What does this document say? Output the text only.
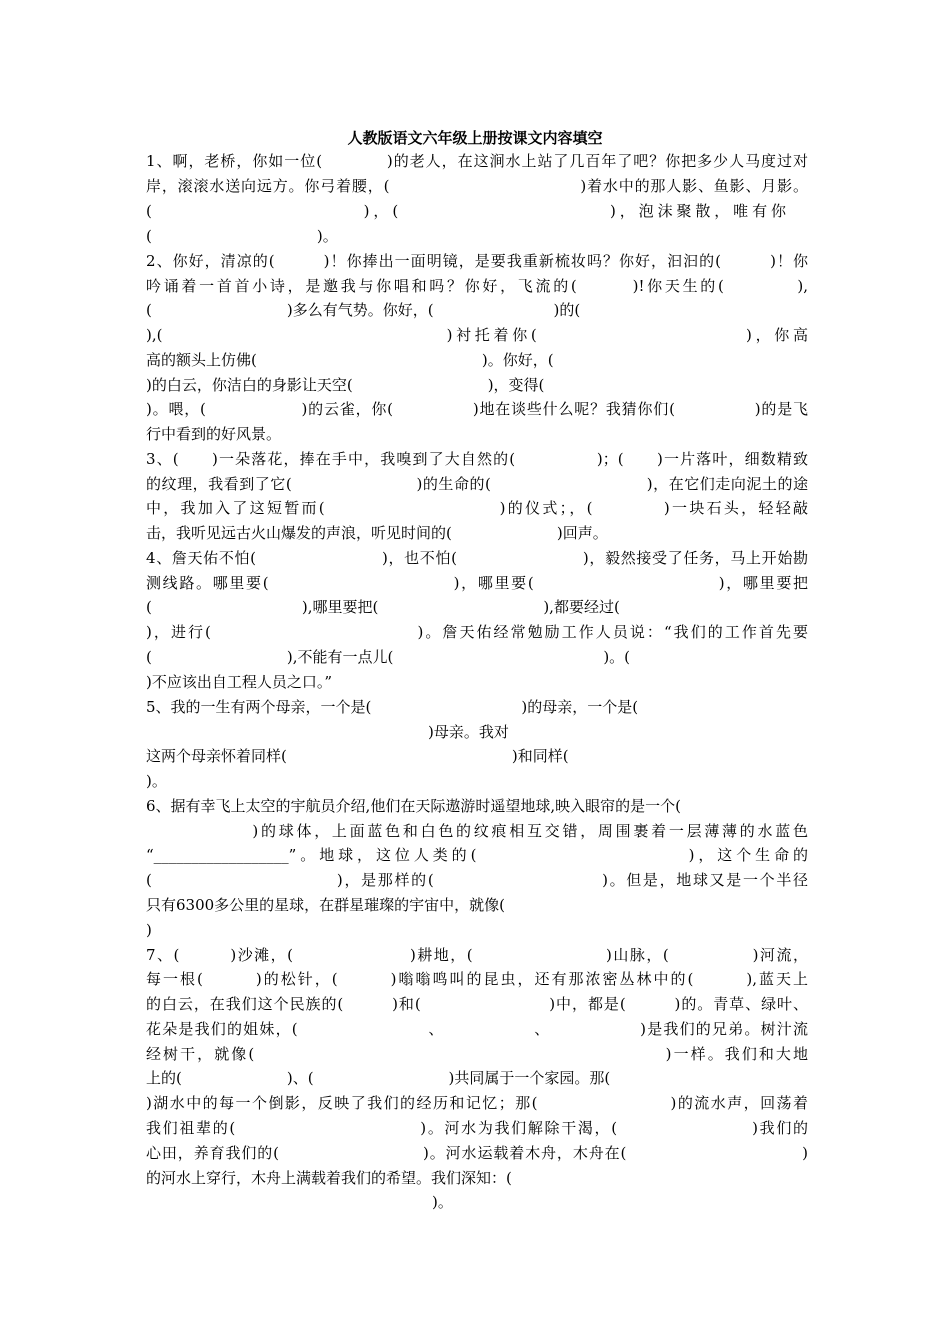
人教版语文六年级上册按课文内容填空
1、啊，老桥，你如一位(　　　　)的老人，在这涧水上站了几百年了吧？你把多少人马度过对
岸，滚滚水送向远方。你弓着腰，(　　　　　　　　　　　　)着水中的那人影、鱼影、月影。
(　　　　　　　　　　　)，(　　　　　　　　　　　)，泡沫聚散，唯有你
(　　　　　　　　　　　)。
2、你好，清凉的(　　　)！你捧出一面明镜，是要我重新梳妆吗？你好，汩汩的(　　　)！你
吟诵着一首首小诗，是邀我与你唱和吗？你好，飞流的(　　　)!你天生的(　　　　),
(　　　　　　　　　)多么有气势。你好，(　　　　　　　　)的(
),(　　　　　　　　　　　　　　　)衬托着你(　　　　　　　　　　　)，你高
高的额头上仿佛(　　　　　　　　　　　　　　　)。你好，(
)的白云，你洁白的身影让天空(　　　　　　　　　)，变得(
)。喂，(　　　　　　)的云雀，你(　　　　　)地在谈些什么呢？我猜你们(　　　　　)的是飞
行中看到的好风景。
3、(　　)一朵落花，捧在手中，我嗅到了大自然的(　　　　　)；(　　)一片落叶，细数精致
的纹理，我看到了它(　　　　　　　　)的生命的(　　　　　　　　　　)，在它们走向泥土的途
中，我加入了这短暂而(　　　　　　　　　　)的仪式；，(　　　　)一块石头，轻轻敲
击，我听见远古火山爆发的声浪，听见时间的(　　　　　　　)回声。
4、詹天佑不怕(　　　　　　　　)，也不怕(　　　　　　　　)，毅然接受了任务，马上开始勘
测线路。哪里要(　　　　　　　　　　　)，哪里要(　　　　　　　　　　　)，哪里要把
(　　　　　　　　　　),哪里要把(　　　　　　　　　　　),都要经过(
)，进行(　　　　　　　　　　　　)。詹天佑经常勉励工作人员说：“我们的工作首先要
(　　　　　　　　　),不能有一点儿(　　　　　　　　　　　　　　)。(
)不应该出自工程人员之口。”
5、我的一生有两个母亲，一个是(　　　　　　　　　　)的母亲，一个是(
)母亲。我对
这两个母亲怀着同样(　　　　　　　　　　　　　　　)和同样(
)。
6、据有幸飞上太空的宇航员介绍,他们在天际遨游时遥望地球,映入眼帘的是一个(
　　　　　　)的球体，上面蓝色和白色的纹痕相互交错，周围裹着一层薄薄的水蓝色
“__________________”。地球，这位人类的(　　　　　　　　　　　)，这个生命的
(　　　　　　　　　　　)，是那样的(　　　　　　　　　　)。但是，地球又是一个半径
只有6300多公里的星球，在群星璀璨的宇宙中，就像(
)
7、(　　　)沙滩，(　　　　　　　)耕地，(　　　　　　　　)山脉，(　　　　　)河流，
每一根(　　　)的松针，(　　　)嗡嗡鸣叫的昆虫，还有那浓密丛林中的(　　　),蓝天上
的白云，在我们这个民族的(　　　)和(　　　　　　　　)中，都是(　　　)的。青草、绿叶、
花朵是我们的姐妹，(　　　　　　　　、　　　　　　、　　　　　　)是我们的兄弟。树汁流
经树干，就像(　　　　　　　　　　　　　　　　　　　　　　　　)一样。我们和大地
上的(　　　　　　　)、(　　　　　　　　　)共同属于一个家园。那(
)湖水中的每一个倒影，反映了我们的经历和记忆；那(　　　　　　　　)的流水声，回荡着
我们祖辈的(　　　　　　　　　　　)。河水为我们解除干渴，(　　　　　　　　)我们的
心田，养育我们的(　　　　　　　　　)。河水运载着木舟，木舟在(　　　　　　　　　　　)
的河水上穿行，木舟上满载着我们的希望。我们深知：(
)。
